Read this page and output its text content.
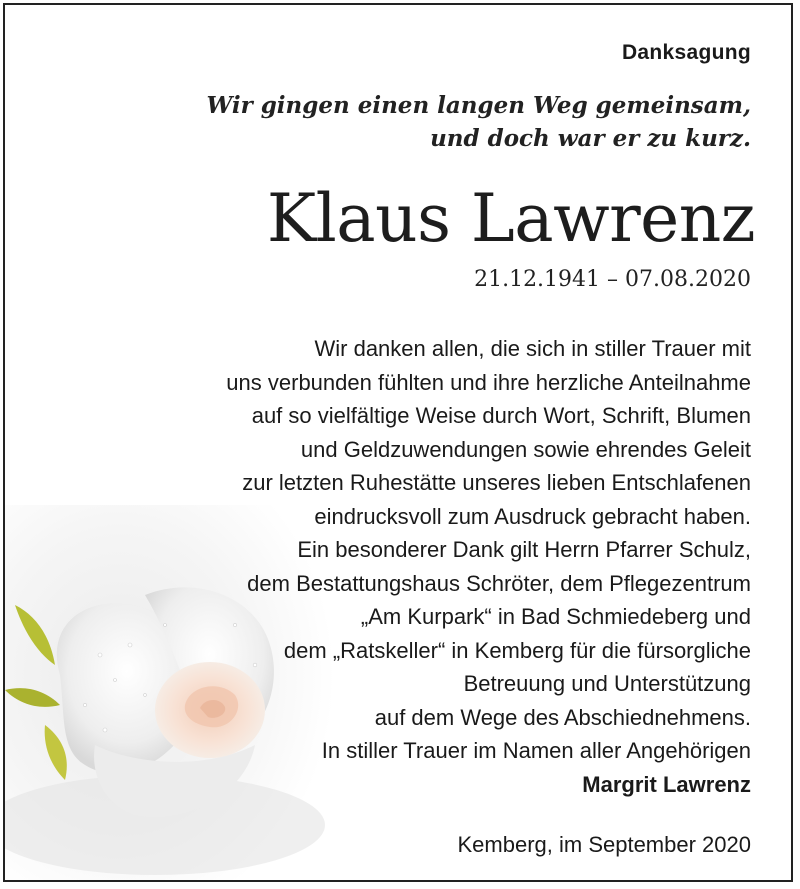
Danksagung
Wir gingen einen langen Weg gemeinsam,
und doch war er zu kurz.
Klaus Lawrenz
21.12.1941 – 07.08.2020
Wir danken allen, die sich in stiller Trauer mit
uns verbunden fühlten und ihre herzliche Anteilnahme
auf so vielfältige Weise durch Wort, Schrift, Blumen
und Geldzuwendungen sowie ehrendes Geleit
zur letzten Ruhestätte unseres lieben Entschlafenen
eindrucksvoll zum Ausdruck gebracht haben.
Ein besonderer Dank gilt Herrn Pfarrer Schulz,
dem Bestattungshaus Schröter, dem Pflegezentrum
„Am Kurpark“ in Bad Schmiedeberg und
dem „Ratskeller“ in Kemberg für die fürsorgliche
Betreuung und Unterstützung
auf dem Wege des Abschiednehmens.
In stiller Trauer im Namen aller Angehörigen
Margrit Lawrenz
Kemberg, im September 2020
